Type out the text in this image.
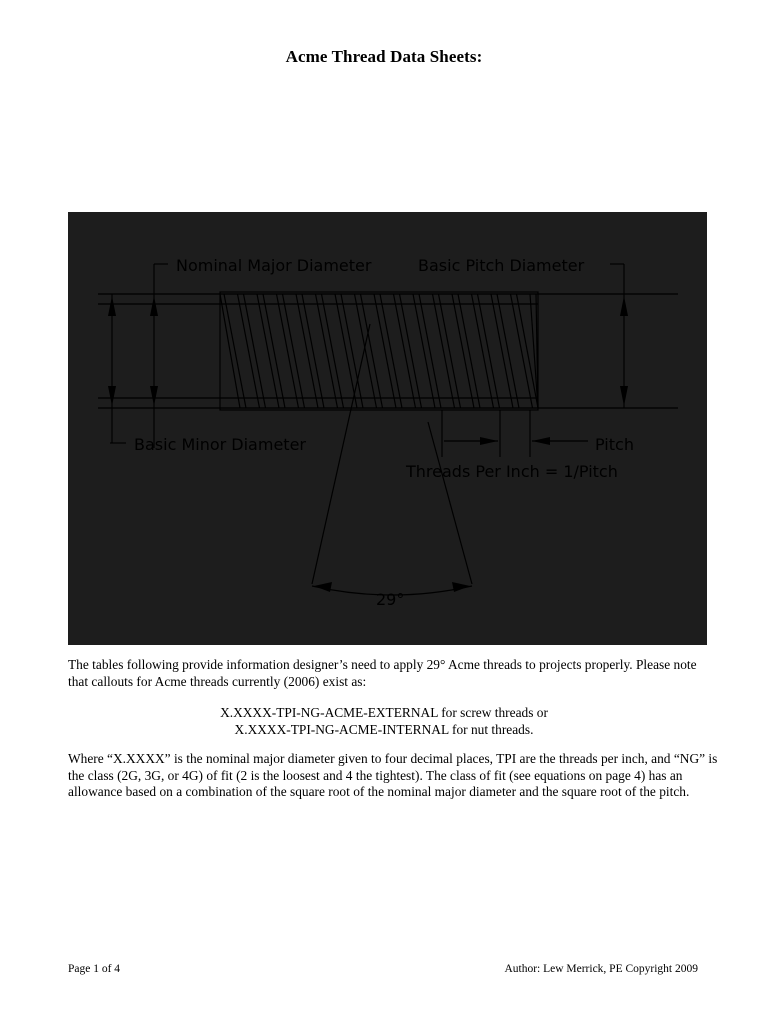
Acme Thread Data Sheets:
Nominal Major Diameter	Basic Pitch Diameter
Basic Minor Diameter	Pitch
Threads Per Inch = 1/Pitch
29°
The tables following provide information designer’s need to apply 29° Acme threads to projects properly. Please note that callouts for Acme threads currently (2006) exist as:
X.XXXX-TPI-NG-ACME-EXTERNAL for screw threads or
X.XXXX-TPI-NG-ACME-INTERNAL for nut threads.
Where “X.XXXX” is the nominal major diameter given to four decimal places, TPI are the threads per inch, and “NG” is the class (2G, 3G, or 4G) of fit (2 is the loosest and 4 the tightest). The class of fit (see equations on page 4) has an allowance based on a combination of the square root of the nominal major diameter and the square root of the pitch.
Page 1 of 4	Author: Lew Merrick, PE Copyright 2009
